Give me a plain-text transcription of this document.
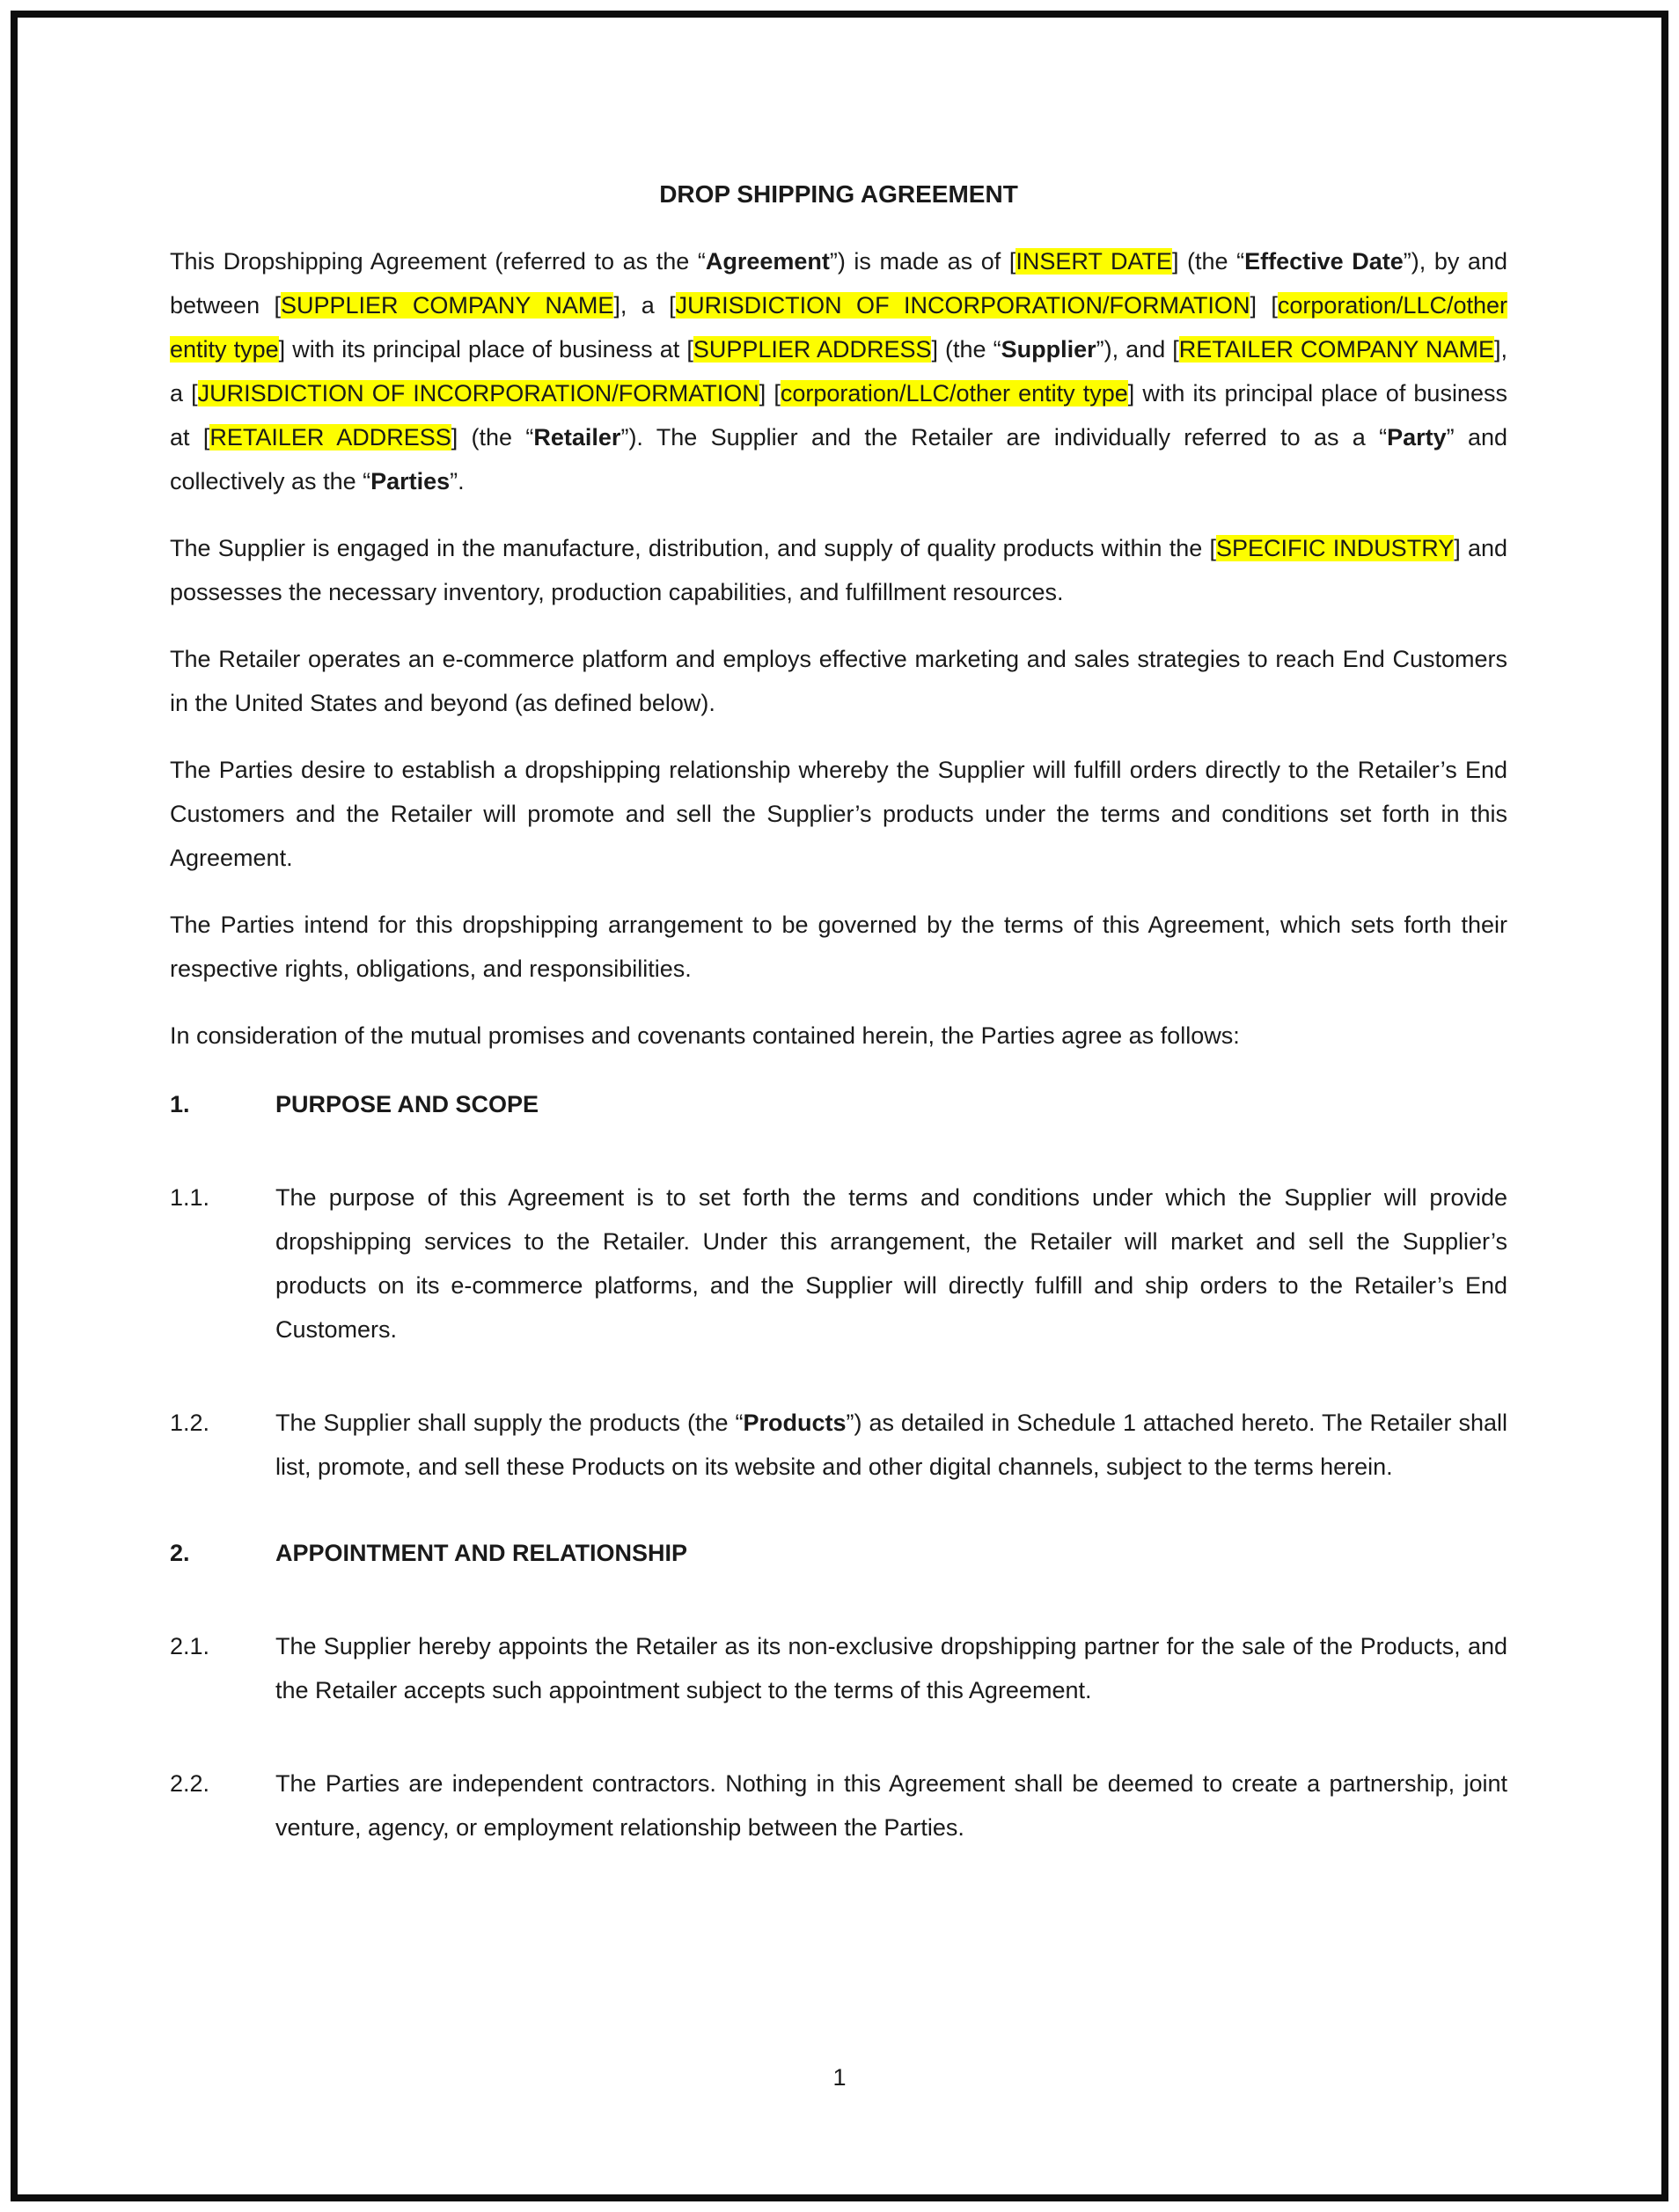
DROP SHIPPING AGREEMENT

This Dropshipping Agreement (referred to as the “Agreement”) is made as of [INSERT DATE] (the “Effective Date”), by and between [SUPPLIER COMPANY NAME], a [JURISDICTION OF INCORPORATION/FORMATION] [corporation/LLC/other entity type] with its principal place of business at [SUPPLIER ADDRESS] (the “Supplier”), and [RETAILER COMPANY NAME], a [JURISDICTION OF INCORPORATION/FORMATION] [corporation/LLC/other entity type] with its principal place of business at [RETAILER ADDRESS] (the “Retailer”). The Supplier and the Retailer are individually referred to as a “Party” and collectively as the “Parties”.

The Supplier is engaged in the manufacture, distribution, and supply of quality products within the [SPECIFIC INDUSTRY] and possesses the necessary inventory, production capabilities, and fulfillment resources.

The Retailer operates an e-commerce platform and employs effective marketing and sales strategies to reach End Customers in the United States and beyond (as defined below).

The Parties desire to establish a dropshipping relationship whereby the Supplier will fulfill orders directly to the Retailer’s End Customers and the Retailer will promote and sell the Supplier’s products under the terms and conditions set forth in this Agreement.

The Parties intend for this dropshipping arrangement to be governed by the terms of this Agreement, which sets forth their respective rights, obligations, and responsibilities.

In consideration of the mutual promises and covenants contained herein, the Parties agree as follows:

1.	PURPOSE AND SCOPE
1.1.	The purpose of this Agreement is to set forth the terms and conditions under which the Supplier will provide dropshipping services to the Retailer. Under this arrangement, the Retailer will market and sell the Supplier’s products on its e-commerce platforms, and the Supplier will directly fulfill and ship orders to the Retailer’s End Customers.
1.2.	The Supplier shall supply the products (the “Products”) as detailed in Schedule 1 attached hereto. The Retailer shall list, promote, and sell these Products on its website and other digital channels, subject to the terms herein.
2.	APPOINTMENT AND RELATIONSHIP
2.1.	The Supplier hereby appoints the Retailer as its non-exclusive dropshipping partner for the sale of the Products, and the Retailer accepts such appointment subject to the terms of this Agreement.
2.2.	The Parties are independent contractors. Nothing in this Agreement shall be deemed to create a partnership, joint venture, agency, or employment relationship between the Parties.
1
